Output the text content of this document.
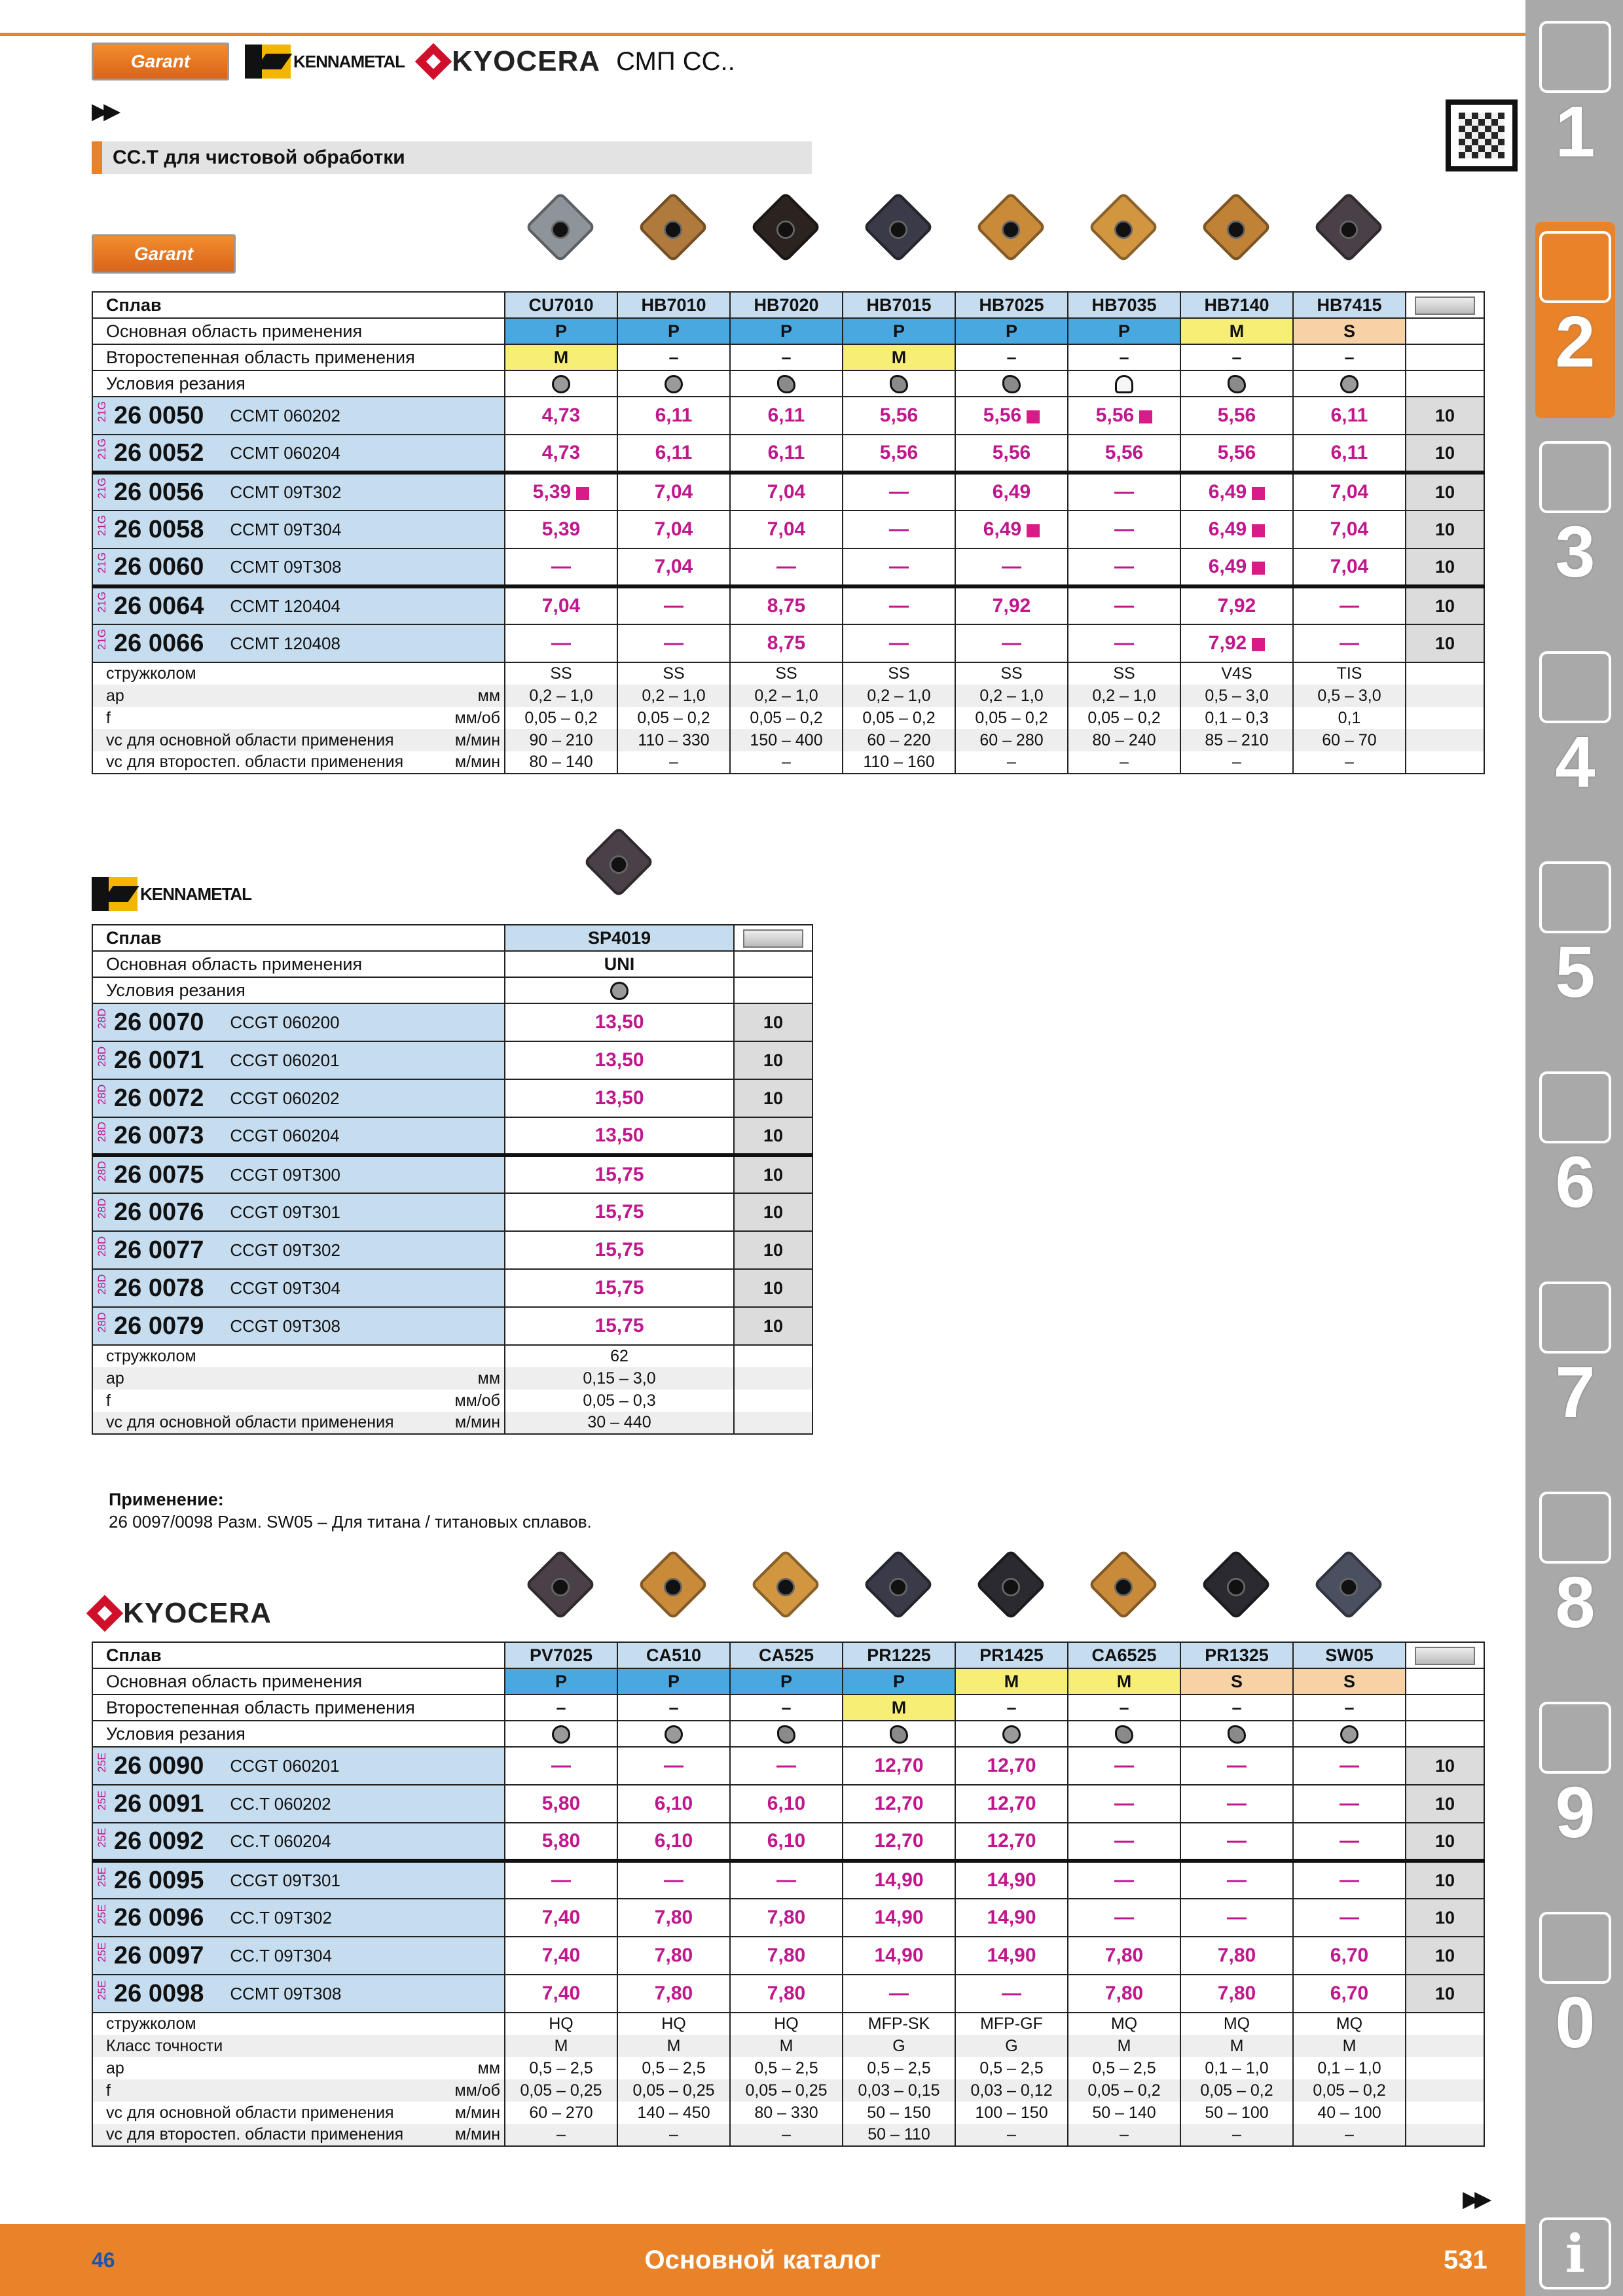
Garant	KENNAMETAL KYOCERA СМП CC..
▶▶
CC.T для чистовой обработки
Garant
Сплав	CU7010	HB7010	HB7020	HB7015	HB7025	HB7035	HB7140	HB7415	
Основная область применения	P	P	P	P	P	P	M	S	
Второстепенная область применения	M	–	–	M	–	–	–	–	
Условия резания									
21G 26 0050 CCMT 060202	4,73	6,11	6,11	5,56	5,56	5,56	5,56	6,11	10
21G 26 0052 CCMT 060204	4,73	6,11	6,11	5,56	5,56	5,56	5,56	6,11	10
21G 26 0056 CCMT 09T302	5,39	7,04	7,04	—	6,49	—	6,49	7,04	10
21G 26 0058 CCMT 09T304	5,39	7,04	7,04	—	6,49	—	6,49	7,04	10
21G 26 0060 CCMT 09T308	—	7,04	—	—	—	—	6,49	7,04	10
21G 26 0064 CCMT 120404	7,04	—	8,75	—	7,92	—	7,92	—	10
21G 26 0066 CCMT 120408	—	—	8,75	—	—	—	7,92	—	10
стружколом	SS	SS	SS	SS	SS	SS	V4S	TIS	
ap мм	0,2 – 1,0	0,2 – 1,0	0,2 – 1,0	0,2 – 1,0	0,2 – 1,0	0,2 – 1,0	0,5 – 3,0	0,5 – 3,0	
f мм/об	0,05 – 0,2	0,05 – 0,2	0,05 – 0,2	0,05 – 0,2	0,05 – 0,2	0,05 – 0,2	0,1 – 0,3	0,1	
vc для основной области применения м/мин	90 – 210	110 – 330	150 – 400	60 – 220	60 – 280	80 – 240	85 – 210	60 – 70	
vc для второстеп. области применения м/мин	80 – 140	–	–	110 – 160	–	–	–	–	
KENNAMETAL
Сплав	SP4019	
Основная область применения	UNI	
Условия резания		
28D 26 0070 CCGT 060200	13,50	10
28D 26 0071 CCGT 060201	13,50	10
28D 26 0072 CCGT 060202	13,50	10
28D 26 0073 CCGT 060204	13,50	10
28D 26 0075 CCGT 09T300	15,75	10
28D 26 0076 CCGT 09T301	15,75	10
28D 26 0077 CCGT 09T302	15,75	10
28D 26 0078 CCGT 09T304	15,75	10
28D 26 0079 CCGT 09T308	15,75	10
стружколом	62	
ap мм	0,15 – 3,0	
f мм/об	0,05 – 0,3	
vc для основной области применения м/мин	30 – 440	
KYOCERA
Сплав	PV7025	CA510	CA525	PR1225	PR1425	CA6525	PR1325	SW05	
Основная область применения	P	P	P	P	M	M	S	S	
Второстепенная область применения	–	–	–	M	–	–	–	–	
Условия резания									
25E 26 0090 CCGT 060201	—	—	—	12,70	12,70	—	—	—	10
25E 26 0091 CC.T 060202	5,80	6,10	6,10	12,70	12,70	—	—	—	10
25E 26 0092 CC.T 060204	5,80	6,10	6,10	12,70	12,70	—	—	—	10
25E 26 0095 CCGT 09T301	—	—	—	14,90	14,90	—	—	—	10
25E 26 0096 CC.T 09T302	7,40	7,80	7,80	14,90	14,90	—	—	—	10
25E 26 0097 CC.T 09T304	7,40	7,80	7,80	14,90	14,90	7,80	7,80	6,70	10
25E 26 0098 CCMT 09T308	7,40	7,80	7,80	—	—	7,80	7,80	6,70	10
стружколом	HQ	HQ	HQ	MFP-SK	MFP-GF	MQ	MQ	MQ	
Класс точности	M	M	M	G	G	M	M	M	
ap мм	0,5 – 2,5	0,5 – 2,5	0,5 – 2,5	0,5 – 2,5	0,5 – 2,5	0,5 – 2,5	0,1 – 1,0	0,1 – 1,0	
f мм/об	0,05 – 0,25	0,05 – 0,25	0,05 – 0,25	0,03 – 0,15	0,03 – 0,12	0,05 – 0,2	0,05 – 0,2	0,05 – 0,2	
vc для основной области применения м/мин	60 – 270	140 – 450	80 – 330	50 – 150	100 – 150	50 – 140	50 – 100	40 – 100	
vc для второстеп. области применения м/мин	–	–	–	50 – 110	–	–	–	–	
Применение:
26 0097/0098 Разм. SW05 – Для титана / титановых сплавов.
▶▶
1
2
3
4
5
6
7
8
9
0
i
46	Основной каталог	531
